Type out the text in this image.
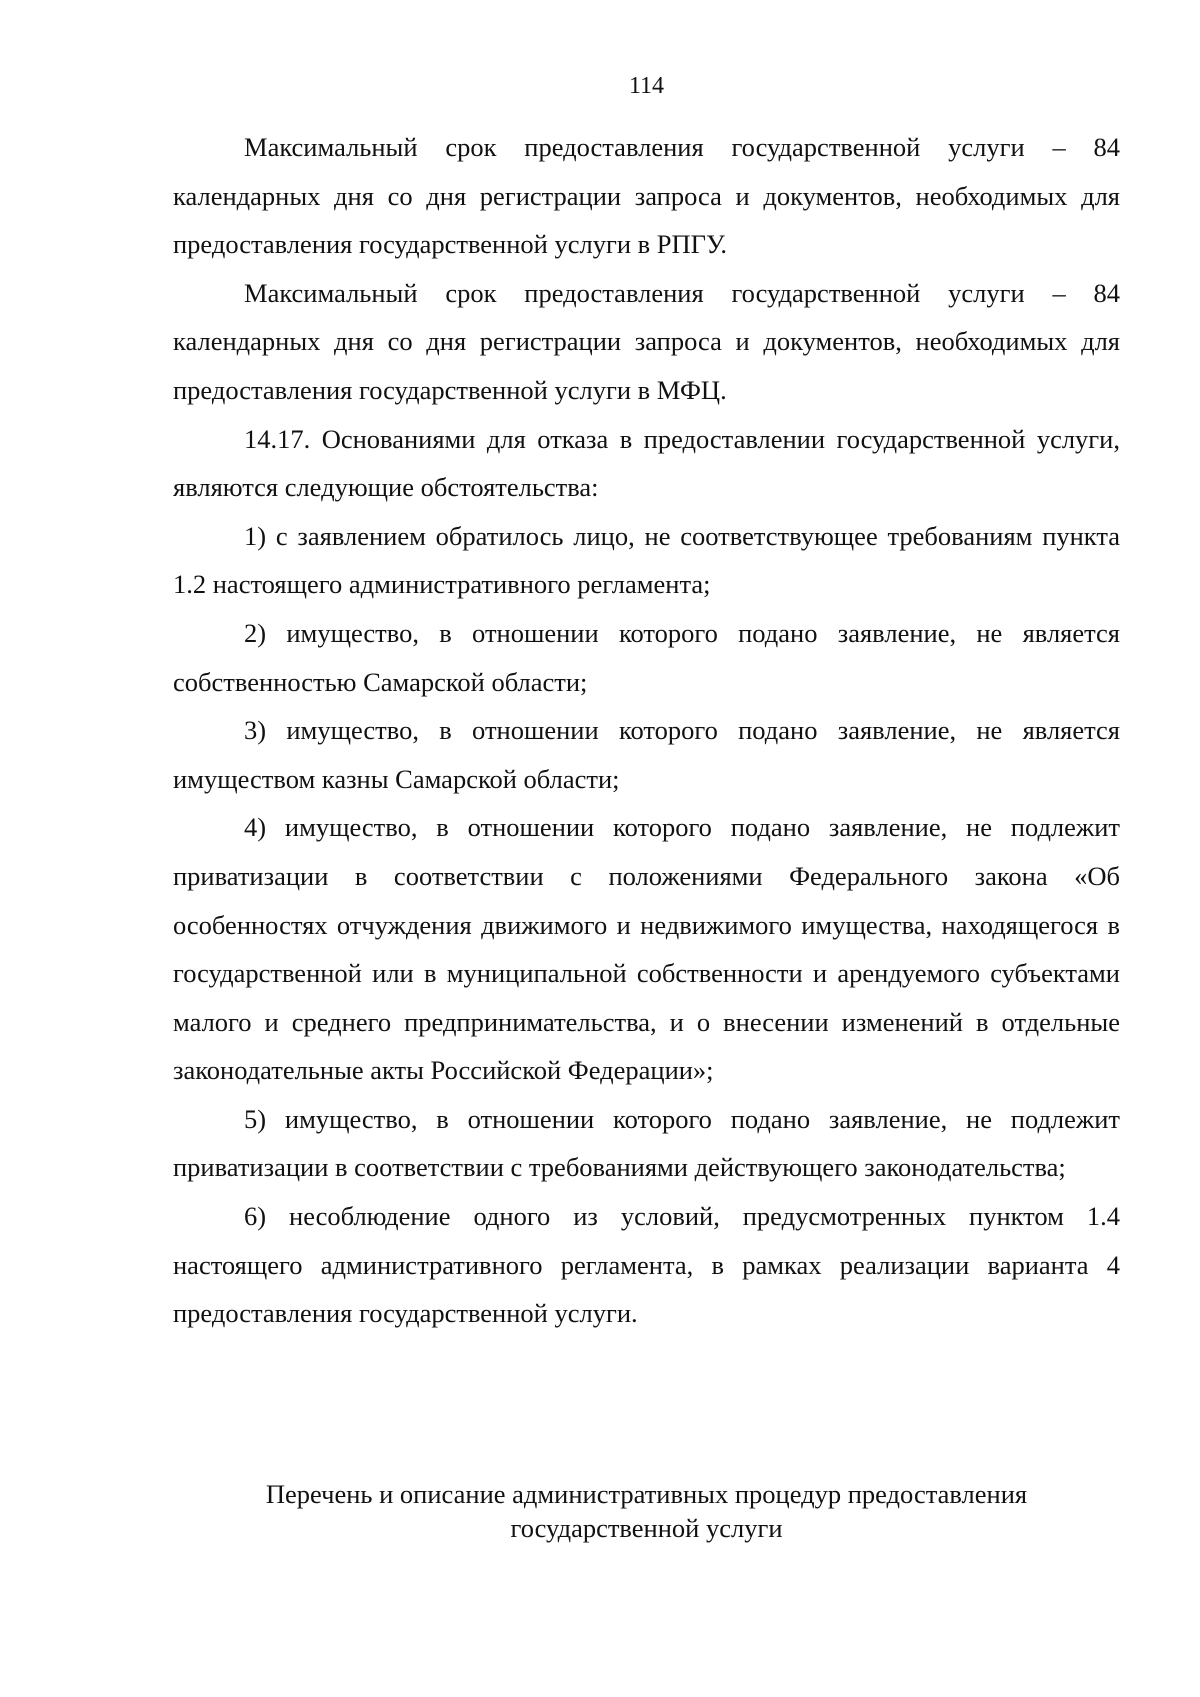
114

Максимальный срок предоставления государственной услуги – 84 календарных дня со дня регистрации запроса и документов, необходимых для предоставления государственной услуги в РПГУ.

Максимальный срок предоставления государственной услуги – 84 календарных дня со дня регистрации запроса и документов, необходимых для предоставления государственной услуги в МФЦ.

14.17. Основаниями для отказа в предоставлении государственной услуги, являются следующие обстоятельства:

1) с заявлением обратилось лицо, не соответствующее требованиям пункта 1.2 настоящего административного регламента;

2) имущество, в отношении которого подано заявление, не является собственностью Самарской области;

3) имущество, в отношении которого подано заявление, не является имуществом казны Самарской области;

4) имущество, в отношении которого подано заявление, не подлежит приватизации в соответствии с положениями Федерального закона «Об особенностях отчуждения движимого и недвижимого имущества, находящегося в государственной или в муниципальной собственности и арендуемого субъектами малого и среднего предпринимательства, и о внесении изменений в отдельные законодательные акты Российской Федерации»;

5) имущество, в отношении которого подано заявление, не подлежит приватизации в соответствии с требованиями действующего законодательства;

6) несоблюдение одного из условий, предусмотренных пунктом 1.4 настоящего административного регламента, в рамках реализации варианта 4 предоставления государственной услуги.

Перечень и описание административных процедур предоставления
государственной услуги
